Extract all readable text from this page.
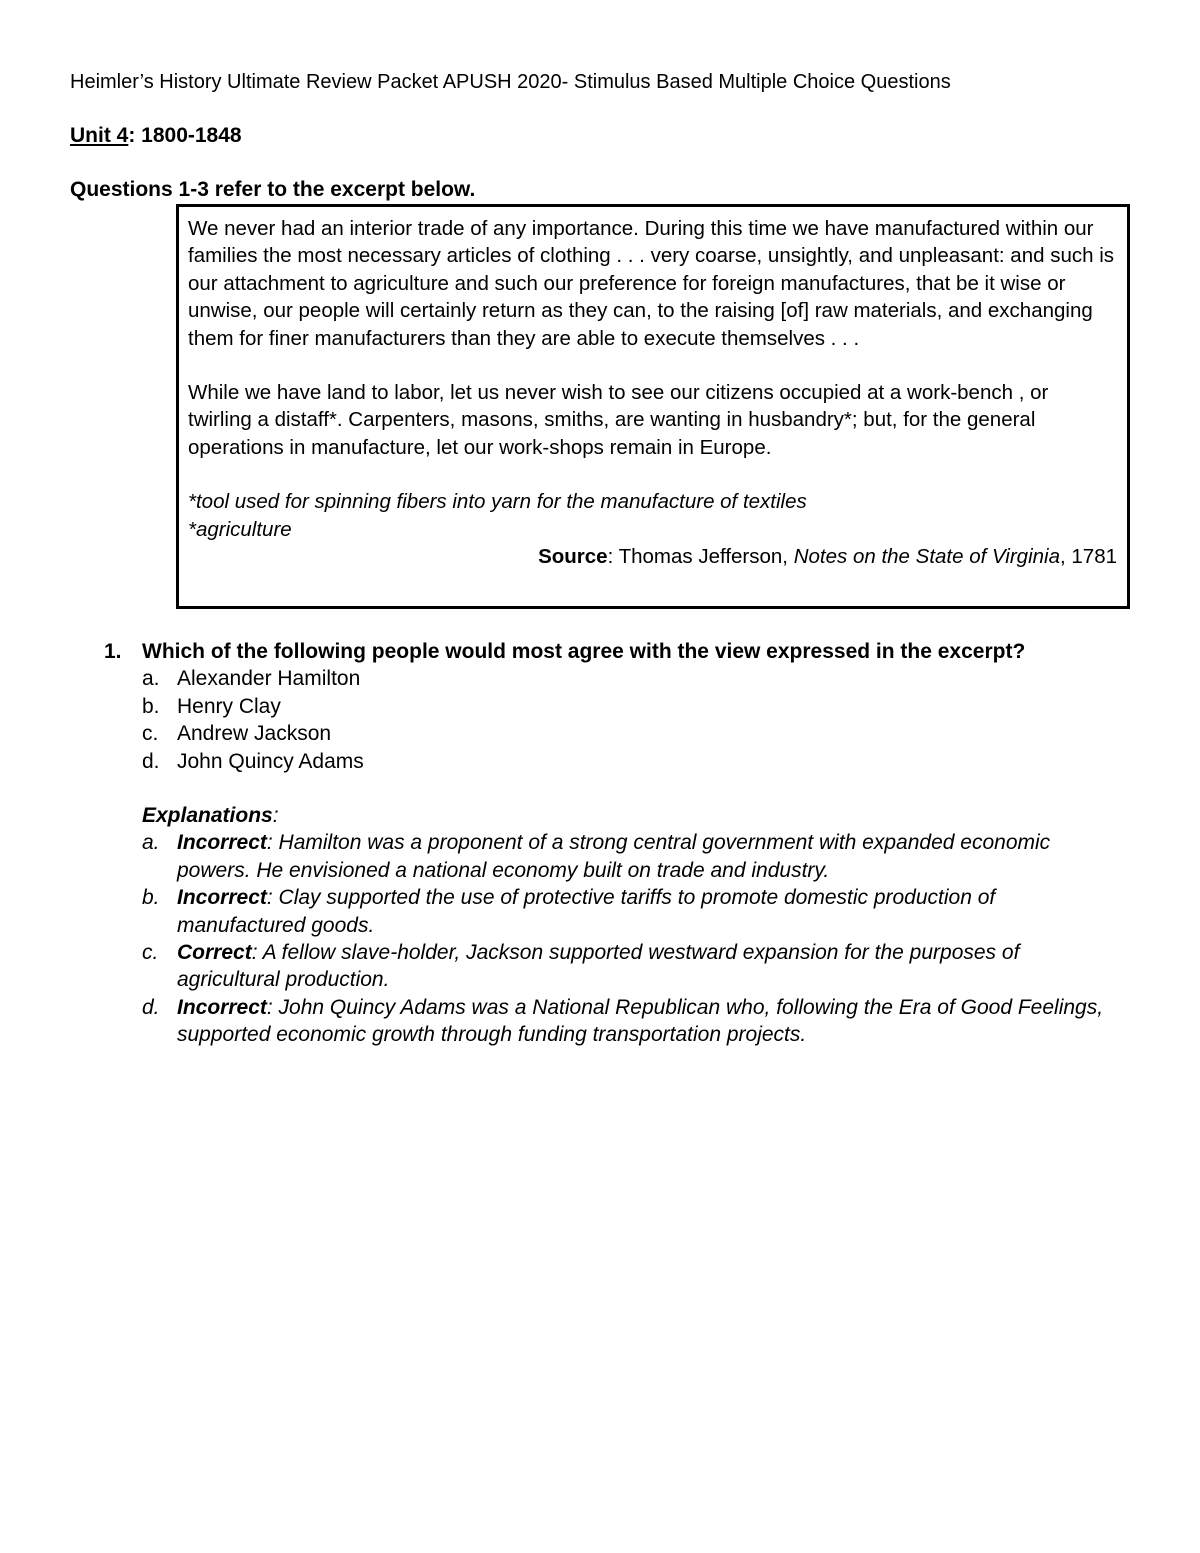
Heimler’s History Ultimate Review Packet APUSH 2020- Stimulus Based Multiple Choice Questions
Unit 4: 1800-1848
Questions 1-3 refer to the excerpt below.

We never had an interior trade of any importance. During this time we have manufactured within our families the most necessary articles of clothing . . . very coarse, unsightly, and unpleasant: and such is our attachment to agriculture and such our preference for foreign manufactures, that be it wise or unwise, our people will certainly return as they can, to the raising [of] raw materials, and exchanging them for finer manufacturers than they are able to execute themselves . . .

While we have land to labor, let us never wish to see our citizens occupied at a work-bench , or twirling a distaff*. Carpenters, masons, smiths, are wanting in husbandry*; but, for the general operations in manufacture, let our work-shops remain in Europe.

*tool used for spinning fibers into yarn for the manufacture of textiles

*agriculture

Source: Thomas Jefferson, Notes on the State of Virginia, 1781

1. Which of the following people would most agree with the view expressed in the excerpt?
a. Alexander Hamilton
b. Henry Clay
c. Andrew Jackson
d. John Quincy Adams
Explanations:
a. Incorrect: Hamilton was a proponent of a strong central government with expanded economic powers. He envisioned a national economy built on trade and industry.
b. Incorrect: Clay supported the use of protective tariffs to promote domestic production of manufactured goods.
c. Correct: A fellow slave-holder, Jackson supported westward expansion for the purposes of agricultural production.
d. Incorrect: John Quincy Adams was a National Republican who, following the Era of Good Feelings, supported economic growth through funding transportation projects.
